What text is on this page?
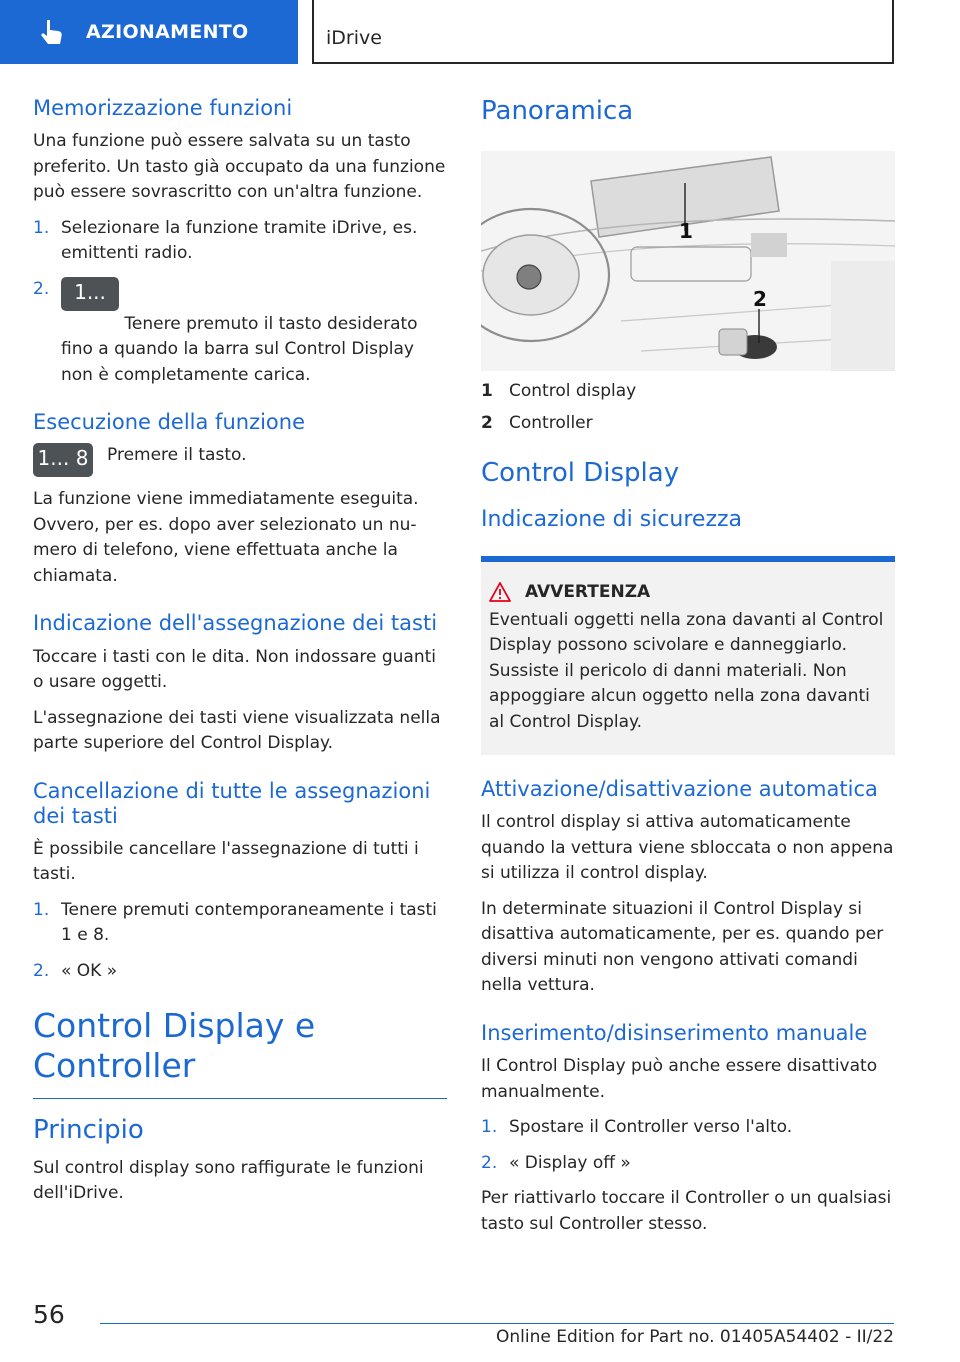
AZIONAMENTO	iDrive
Memorizzazione funzioni

Una funzione può essere salvata su un tasto preferito. Un tasto già occupato da una funzione può essere sovrascritto con un'altra funzione.

1. Selezionare la funzione tramite iDrive, es. emittenti radio.
2.	1... 8 Tenere premuto il tasto desiderato fino a quando la barra sul Control Display non è completamente carica.
Esecuzione della funzione
1... 8 Premere il tasto.

La funzione viene immediatamente eseguita. Ovvero, per es. dopo aver selezionato un numero di telefono, viene effettuata anche la chiamata.

Indicazione dell'assegnazione dei tasti

Toccare i tasti con le dita. Non indossare guanti o usare oggetti.

L'assegnazione dei tasti viene visualizzata nella parte superiore del Control Display.

Cancellazione di tutte le assegnazioni dei tasti

È possibile cancellare l'assegnazione di tutti i tasti.

1. Tenere premuti contemporaneamente i tasti 1 e 8.
2. « OK »
Control Display e Controller
Principio

Sul control display sono raffigurate le funzioni dell'iDrive.

Panoramica
1
2
1 Control display
2 Controller
Control Display
Indicazione di sicurezza
AVVERTENZA

Eventuali oggetti nella zona davanti al Control Display possono scivolare e danneggiarlo. Sussiste il pericolo di danni materiali. Non appoggiare alcun oggetto nella zona davanti al Control Display.

Attivazione/disattivazione automatica

Il control display si attiva automaticamente quando la vettura viene sbloccata o non appena si utilizza il control display.

In determinate situazioni il Control Display si disattiva automaticamente, per es. quando per diversi minuti non vengono attivati comandi nella vettura.

Inserimento/disinserimento manuale

Il Control Display può anche essere disattivato manualmente.

1. Spostare il Controller verso l'alto.
2. « Display off »

Per riattivarlo toccare il Controller o un qualsiasi tasto sul Controller stesso.

56
Online Edition for Part no. 01405A54402 - II/22
